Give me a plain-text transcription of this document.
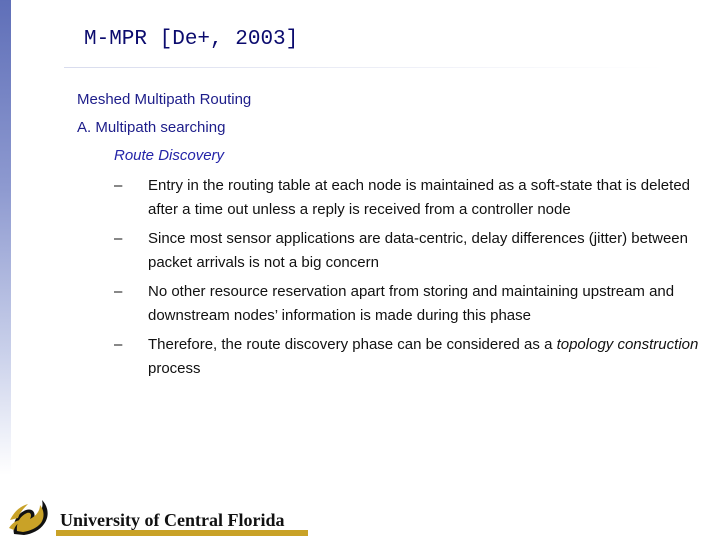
M-MPR [De+, 2003]
Meshed Multipath Routing
A. Multipath searching
Route Discovery
– Entry in the routing table at each node is maintained as a soft-state that is deleted after a time out unless a reply is received from a controller node
– Since most sensor applications are data-centric, delay differences (jitter) between packet arrivals is not a big concern
– No other resource reservation apart from storing and maintaining upstream and downstream nodes’ information is made during this phase
– Therefore, the route discovery phase can be considered as a topology construction process
University of Central Florida
